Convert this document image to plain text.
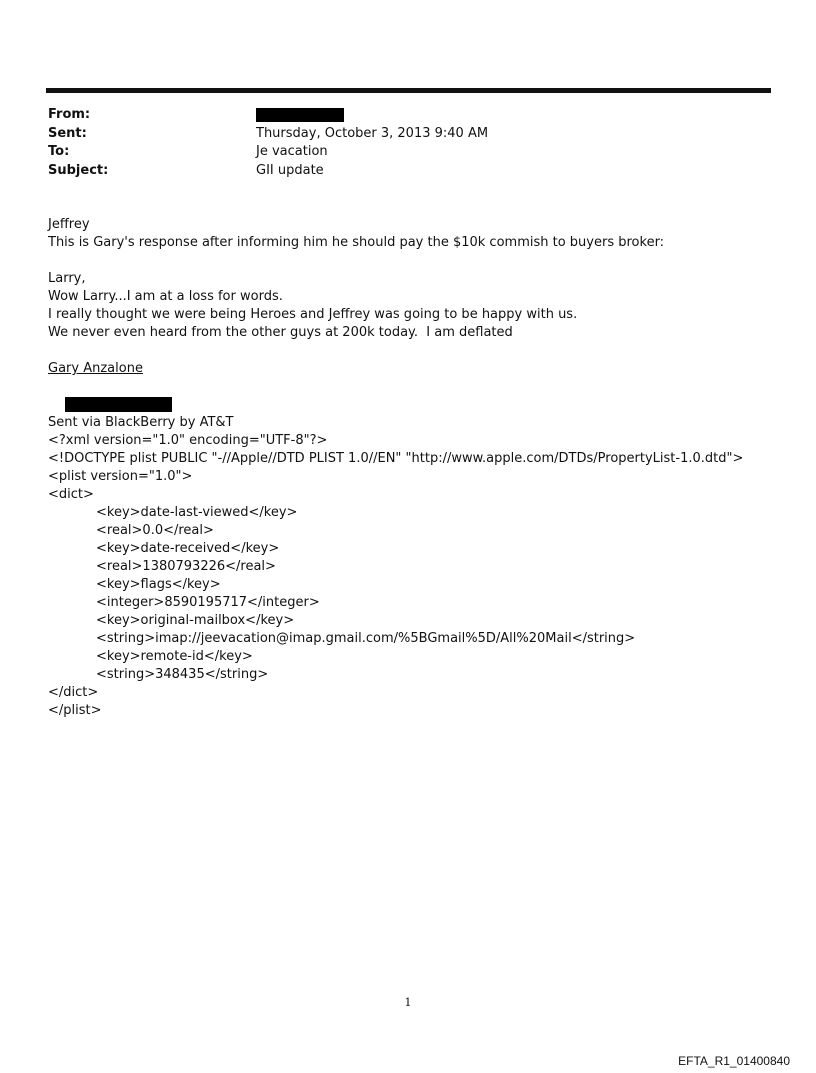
From:
Sent:	Thursday, October 3, 2013 9:40 AM
To:	Je vacation
Subject:	GII update
Jeffrey
This is Gary's response after informing him he should pay the $10k commish to buyers broker:
Larry,
Wow Larry...I am at a loss for words.
I really thought we were being Heroes and Jeffrey was going to be happy with us.
We never even heard from the other guys at 200k today.  I am deflated
Gary Anzalone

Sent via BlackBerry by AT&T
<?xml version="1.0" encoding="UTF-8"?>
<!DOCTYPE plist PUBLIC "-//Apple//DTD PLIST 1.0//EN" "http://www.apple.com/DTDs/PropertyList-1.0.dtd">
<plist version="1.0">
<dict>
<key>date-last-viewed</key>
<real>0.0</real>
<key>date-received</key>
<real>1380793226</real>
<key>flags</key>
<integer>8590195717</integer>
<key>original-mailbox</key>
<string>imap://jeevacation@imap.gmail.com/%5BGmail%5D/All%20Mail</string>
<key>remote-id</key>
<string>348435</string>
</dict>
</plist>
1
EFTA_R1_01400840
